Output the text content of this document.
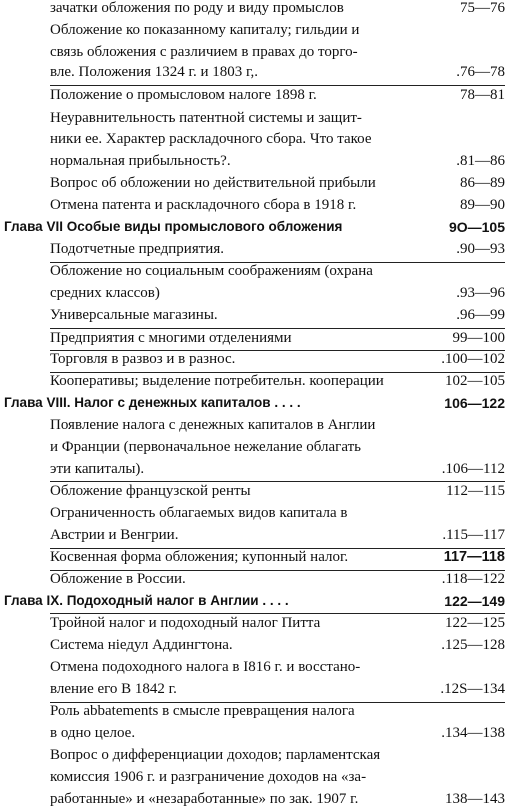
зачатки обложения по роду и виду промыслов	75—76
Обложение ко показанному капиталу; гильдии и
связь обложения с различием в правах до торго-
вле. Положения 1324 г. и 1803 г,.	.76—78
Положение о промысловом налоге 1898 г.	78—81
Неуравнительность патентной системы и защит-
ники ее. Характер раскладочного сбора. Что такое
нормальная прибыльность?.	.81—86
Вопрос об обложении но действительной прибыли	86—89
Отмена патента и раскладочного сбора в 1918 г.	89—90
Глава VII Особые виды промыслового обложения	9О—105
Подотчетные предприятия.	.90—93
Обложение но социальным соображениям (охрана
средних классов)	.93—96
Универсальные магазины.	.96—99
Предприятия с многими отделениями	99—100
Торговля в развоз и в разнос.	.100—102
Кооперативы; выделение потребительн. кооперации	102—105
Глава VIII. Налог с денежных капиталов . . . .	106—122
Появление налога с денежных капиталов в Англии
и Франции (первоначальное нежелание облагать
эти капиталы).	.106—112
Обложение французской ренты	112—115
Ограниченность облагаемых видов капитала в
Австрии и Венгрии.	.115—117
Косвенная форма обложения; купонный налог.	117—118
Обложение в России.	.118—122
Глава IX. Подоходный налог в Англии . . . .	122—149
Тройной налог и подоходный налог Питта	122—125
Система нiедул Аддингтона.	.125—128
Отмена подоходного налога в I816 г. и восстано-
вление его В 1842 г.	.12S—134
Роль abbatements в смысле превращения налога
в одно целое.	.134—138
Вопрос о дифференциации доходов; парламентская
комиссия 1906 г. и разграничение доходов на «за-
работанные» и «незаработанные» по зак. 1907 г.	138—143
